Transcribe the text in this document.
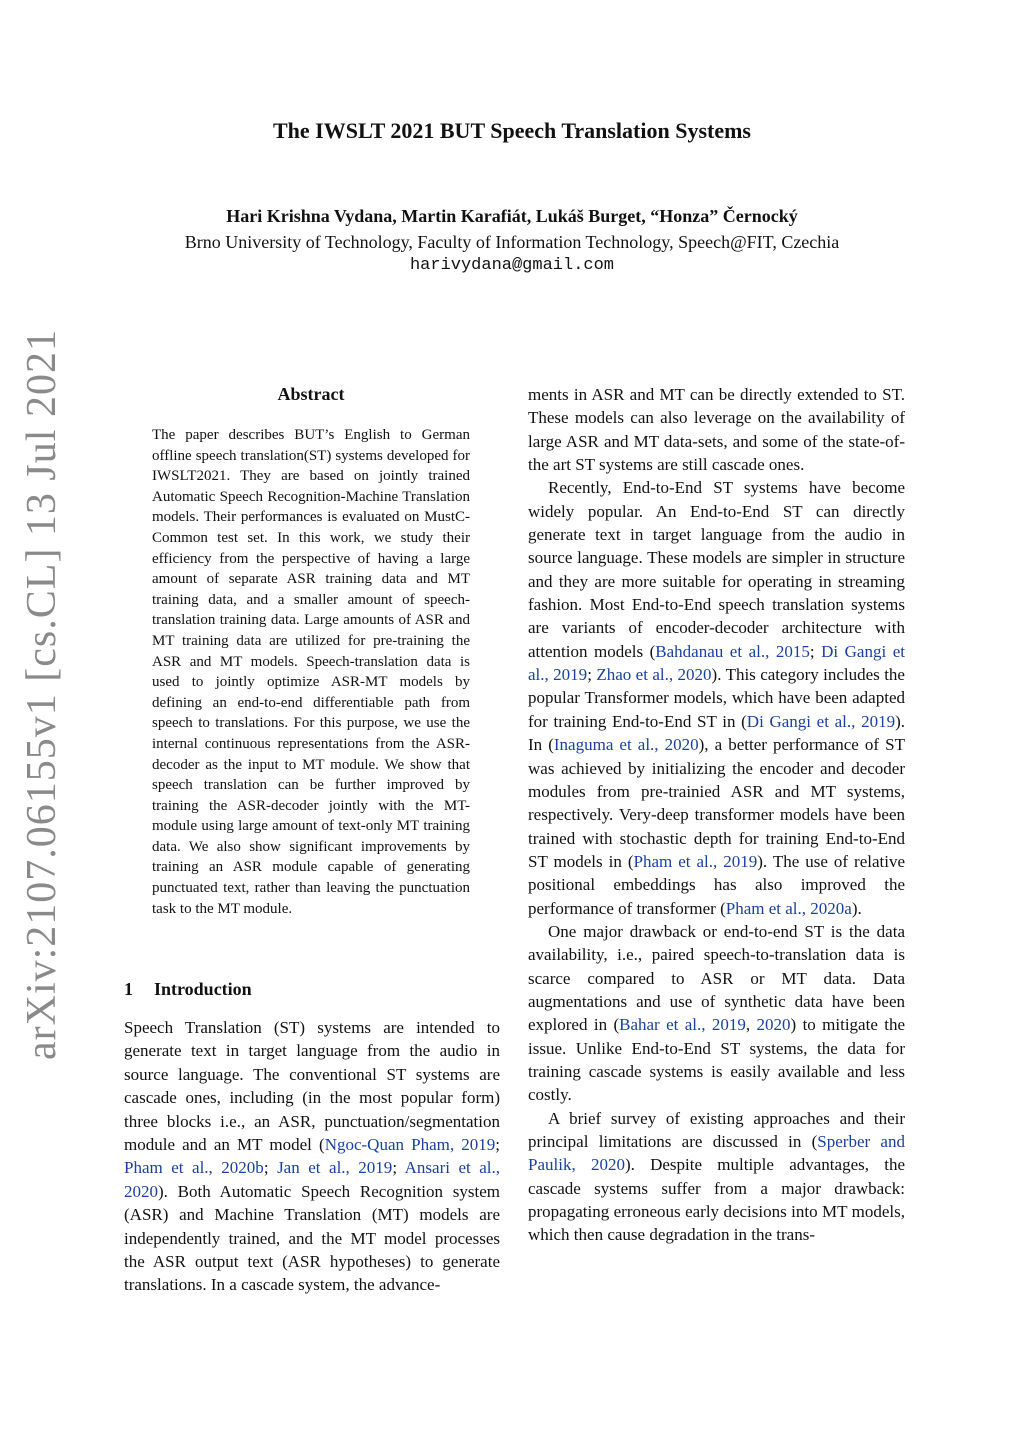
arXiv:2107.06155v1 [cs.CL] 13 Jul 2021
The IWSLT 2021 BUT Speech Translation Systems
Hari Krishna Vydana, Martin Karafiát, Lukáš Burget, “Honza” Černocký
Brno University of Technology, Faculty of Information Technology, Speech@FIT, Czechia
harivydana@gmail.com
Abstract
The paper describes BUT’s English to German offline speech translation(ST) systems developed for IWSLT2021. They are based on jointly trained Automatic Speech Recognition-Machine Translation models. Their performances is evaluated on MustC-Common test set. In this work, we study their efficiency from the perspective of having a large amount of separate ASR training data and MT training data, and a smaller amount of speech-translation training data. Large amounts of ASR and MT training data are utilized for pre-training the ASR and MT models. Speech-translation data is used to jointly optimize ASR-MT models by defining an end-to-end differentiable path from speech to translations. For this purpose, we use the internal continuous representations from the ASR-decoder as the input to MT module. We show that speech translation can be further improved by training the ASR-decoder jointly with the MT-module using large amount of text-only MT training data. We also show significant improvements by training an ASR module capable of generating punctuated text, rather than leaving the punctuation task to the MT module.
1 Introduction

Speech Translation (ST) systems are intended to generate text in target language from the audio in source language. The conventional ST systems are cascade ones, including (in the most popular form) three blocks i.e., an ASR, punctuation/segmentation module and an MT model (Ngoc-Quan Pham, 2019; Pham et al., 2020b; Jan et al., 2019; Ansari et al., 2020). Both Automatic Speech Recognition system (ASR) and Machine Translation (MT) models are independently trained, and the MT model processes the ASR output text (ASR hypotheses) to generate translations. In a cascade system, the advance-

ments in ASR and MT can be directly extended to ST. These models can also leverage on the availability of large ASR and MT data-sets, and some of the state-of-the art ST systems are still cascade ones.

Recently, End-to-End ST systems have become widely popular. An End-to-End ST can directly generate text in target language from the audio in source language. These models are simpler in structure and they are more suitable for operating in streaming fashion. Most End-to-End speech translation systems are variants of encoder-decoder architecture with attention models (Bahdanau et al., 2015; Di Gangi et al., 2019; Zhao et al., 2020). This category includes the popular Transformer models, which have been adapted for training End-to-End ST in (Di Gangi et al., 2019). In (Inaguma et al., 2020), a better performance of ST was achieved by initializing the encoder and decoder modules from pre-trainied ASR and MT systems, respectively. Very-deep transformer models have been trained with stochastic depth for training End-to-End ST models in (Pham et al., 2019). The use of relative positional embeddings has also improved the performance of transformer (Pham et al., 2020a).

One major drawback or end-to-end ST is the data availability, i.e., paired speech-to-translation data is scarce compared to ASR or MT data. Data augmentations and use of synthetic data have been explored in (Bahar et al., 2019, 2020) to mitigate the issue. Unlike End-to-End ST systems, the data for training cascade systems is easily available and less costly.

A brief survey of existing approaches and their principal limitations are discussed in (Sperber and Paulik, 2020). Despite multiple advantages, the cascade systems suffer from a major drawback: propagating erroneous early decisions into MT models, which then cause degradation in the trans-
